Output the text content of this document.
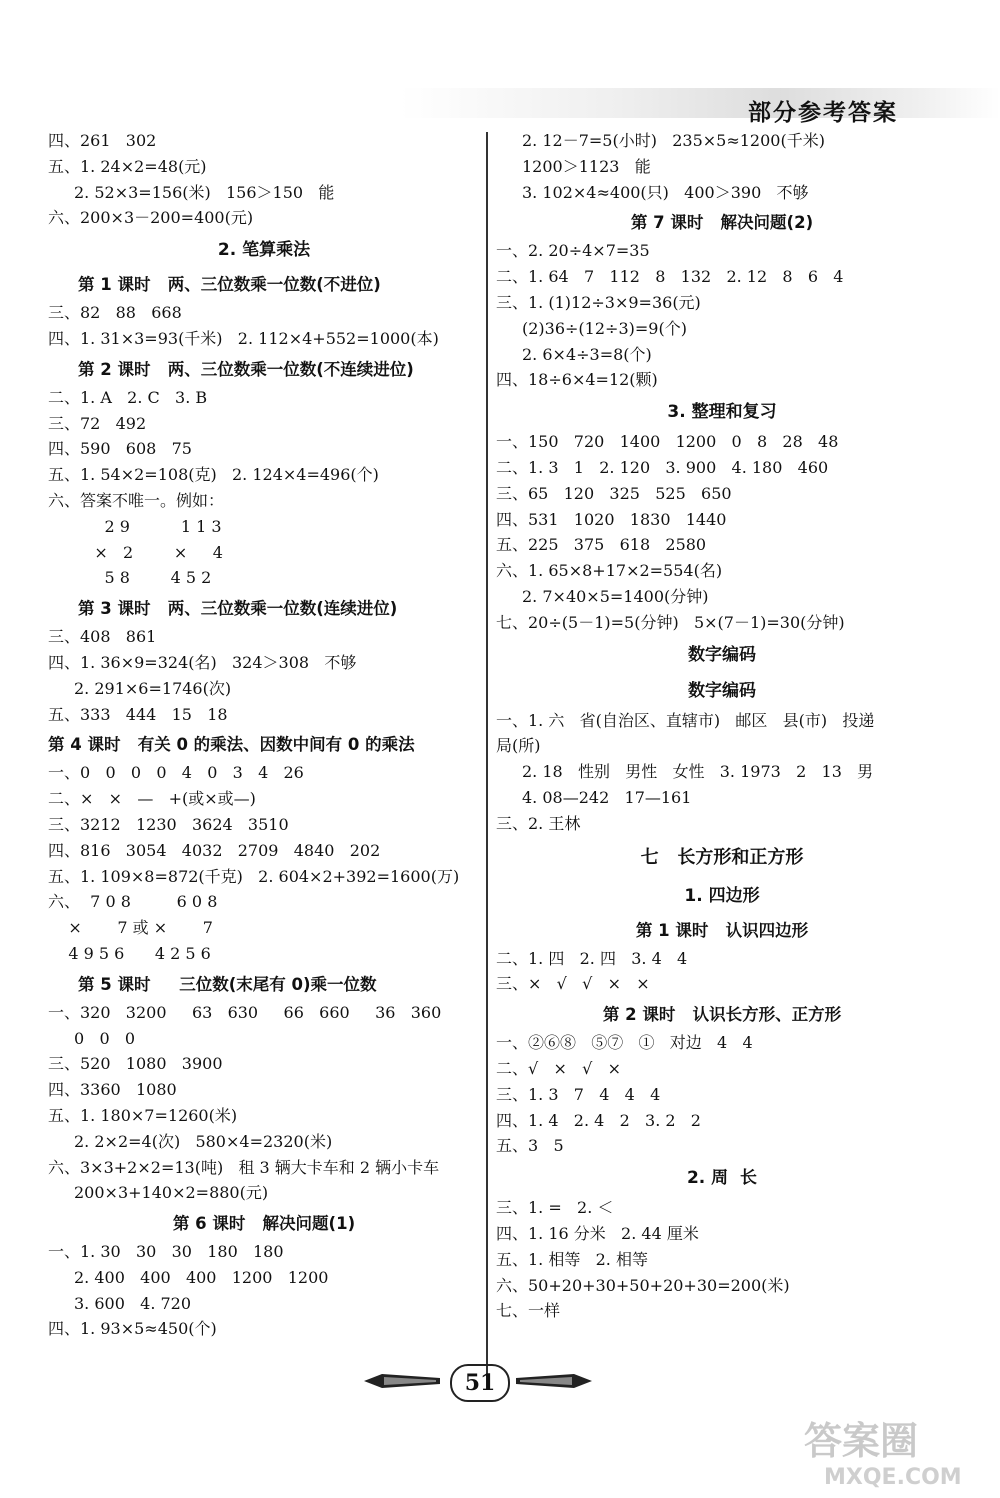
部分参考答案
四、261   302
五、1. 24×2=48(元)
2. 52×3=156(米)   156＞150   能
六、200×3－200=400(元)
2. 笔算乘法
第 1 课时   两、三位数乘一位数(不进位)
三、82   88   668
四、1. 31×3=93(千米)   2. 112×4+552=1000(本)
第 2 课时   两、三位数乘一位数(不连续进位)
二、1. A   2. C   3. B
三、72   492
四、590   608   75
五、1. 54×2=108(克)   2. 124×4=496(个)
六、答案不唯一。例如：
2 9          1 1 3
×   2        ×     4
5 8        4 5 2
第 3 课时   两、三位数乘一位数(连续进位)
三、408   861
四、1. 36×9=324(名)   324＞308   不够
2. 291×6=1746(次)
五、333   444   15   18
第 4 课时   有关 0 的乘法、因数中间有 0 的乘法
一、0   0   0   0   4   0   3   4   26
二、×   ×   —   +(或×或—)
三、3212   1230   3624   3510
四、816   3054   4032   2709   4840   202
五、1. 109×8=872(千克)   2. 604×2+392=1600(万)
六、  7 0 8         6 0 8
×       7 或 ×       7
4 9 5 6      4 2 5 6
第 5 课时     三位数(末尾有 0)乘一位数
一、320   3200     63   630     66   660     36   360
0   0   0
三、520   1080   3900
四、3360   1080
五、1. 180×7=1260(米)
2. 2×2=4(次)   580×4=2320(米)
六、3×3+2×2=13(吨)   租 3 辆大卡车和 2 辆小卡车
200×3+140×2=880(元)
第 6 课时   解决问题(1)
一、1. 30   30   30   180   180
2. 400   400   400   1200   1200
3. 600   4. 720
四、1. 93×5≈450(个)
2. 12－7=5(小时)   235×5≈1200(千米)
1200＞1123   能
3. 102×4≈400(只)   400＞390   不够
第 7 课时   解决问题(2)
一、2. 20÷4×7=35
二、1. 64   7   112   8   132   2. 12   8   6   4
三、1. (1)12÷3×9=36(元)
(2)36÷(12÷3)=9(个)
2. 6×4÷3=8(个)
四、18÷6×4=12(颗)
3. 整理和复习
一、150   720   1400   1200   0   8   28   48
二、1. 3   1   2. 120   3. 900   4. 180   460
三、65   120   325   525   650
四、531   1020   1830   1440
五、225   375   618   2580
六、1. 65×8+17×2=554(名)
2. 7×40×5=1400(分钟)
七、20÷(5－1)=5(分钟)   5×(7－1)=30(分钟)
数字编码
数字编码
一、1. 六   省(自治区、直辖市)   邮区   县(市)   投递
局(所)
2. 18   性别   男性   女性   3. 1973   2   13   男
4. 08—242   17—161
三、2. 王林
七   长方形和正方形
1. 四边形
第 1 课时   认识四边形
二、1. 四   2. 四   3. 4   4
三、×   √   √   ×   ×
第 2 课时   认识长方形、正方形
一、②⑥⑧   ⑤⑦   ①   对边   4   4
二、√   ×   √   ×
三、1. 3   7   4   4   4
四、1. 4   2. 4   2   3. 2   2
五、3   5
2. 周  长
三、1. =   2. ＜
四、1. 16 分米   2. 44 厘米
五、1. 相等   2. 相等
六、50+20+30+50+20+30=200(米)
七、一样
51
答案圈
MXQE.COM
